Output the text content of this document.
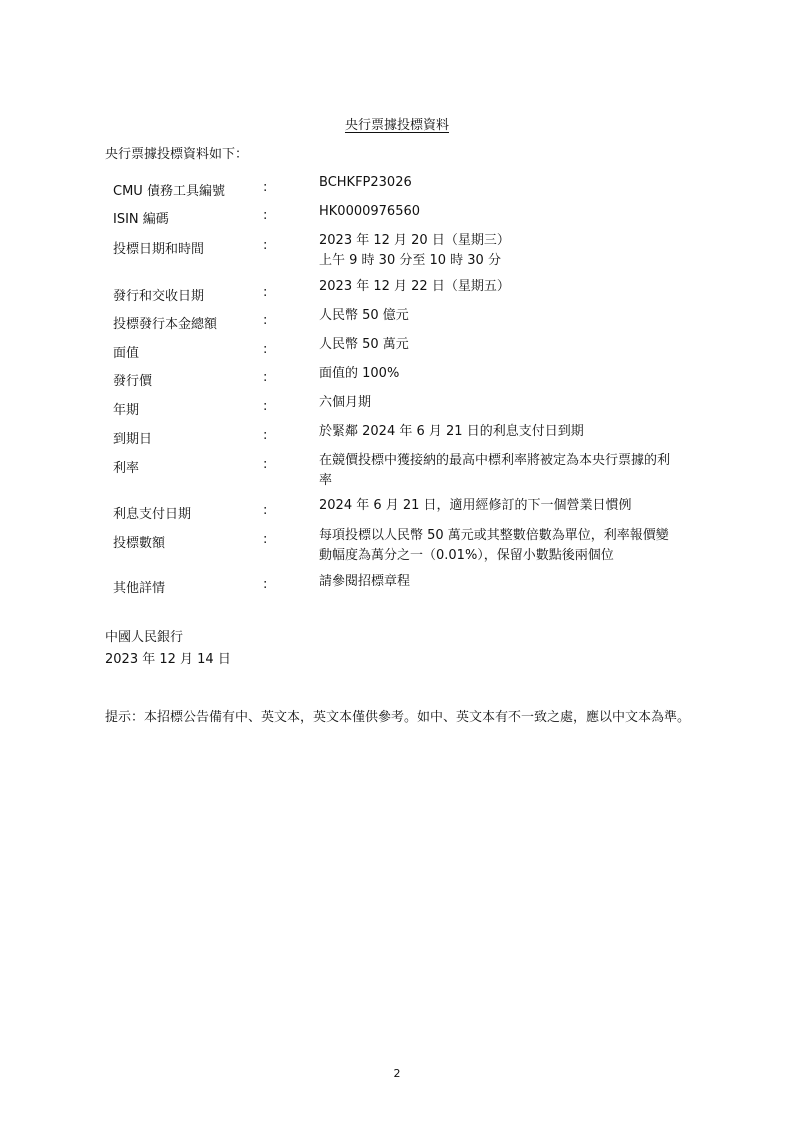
央行票據投標資料
央行票據投標資料如下：
CMU 債務工具編號	:	BCHKFP23026
ISIN 編碼	:	HK0000976560
投標日期和時間	:	2023 年 12 月 20 日（星期三）
上午 9 時 30 分至 10 時 30 分
發行和交收日期	:	2023 年 12 月 22 日（星期五）
投標發行本金總額	:	人民幣 50 億元
面值	:	人民幣 50 萬元
發行價	:	面值的 100%
年期	:	六個月期
到期日	:	於緊鄰 2024 年 6 月 21 日的利息支付日到期
利率	:	在競價投標中獲接納的最高中標利率將被定為本央行票據的利
率
利息支付日期	:	2024 年 6 月 21 日，適用經修訂的下一個營業日慣例
投標數額	:	每項投標以人民幣 50 萬元或其整數倍數為單位，利率報價變
動幅度為萬分之一（0.01%），保留小數點後兩個位
其他詳情	:	請參閱招標章程
中國人民銀行
2023 年 12 月 14 日
提示：本招標公告備有中、英文本，英文本僅供參考。如中、英文本有不一致之處，應以中文本為準。
2
